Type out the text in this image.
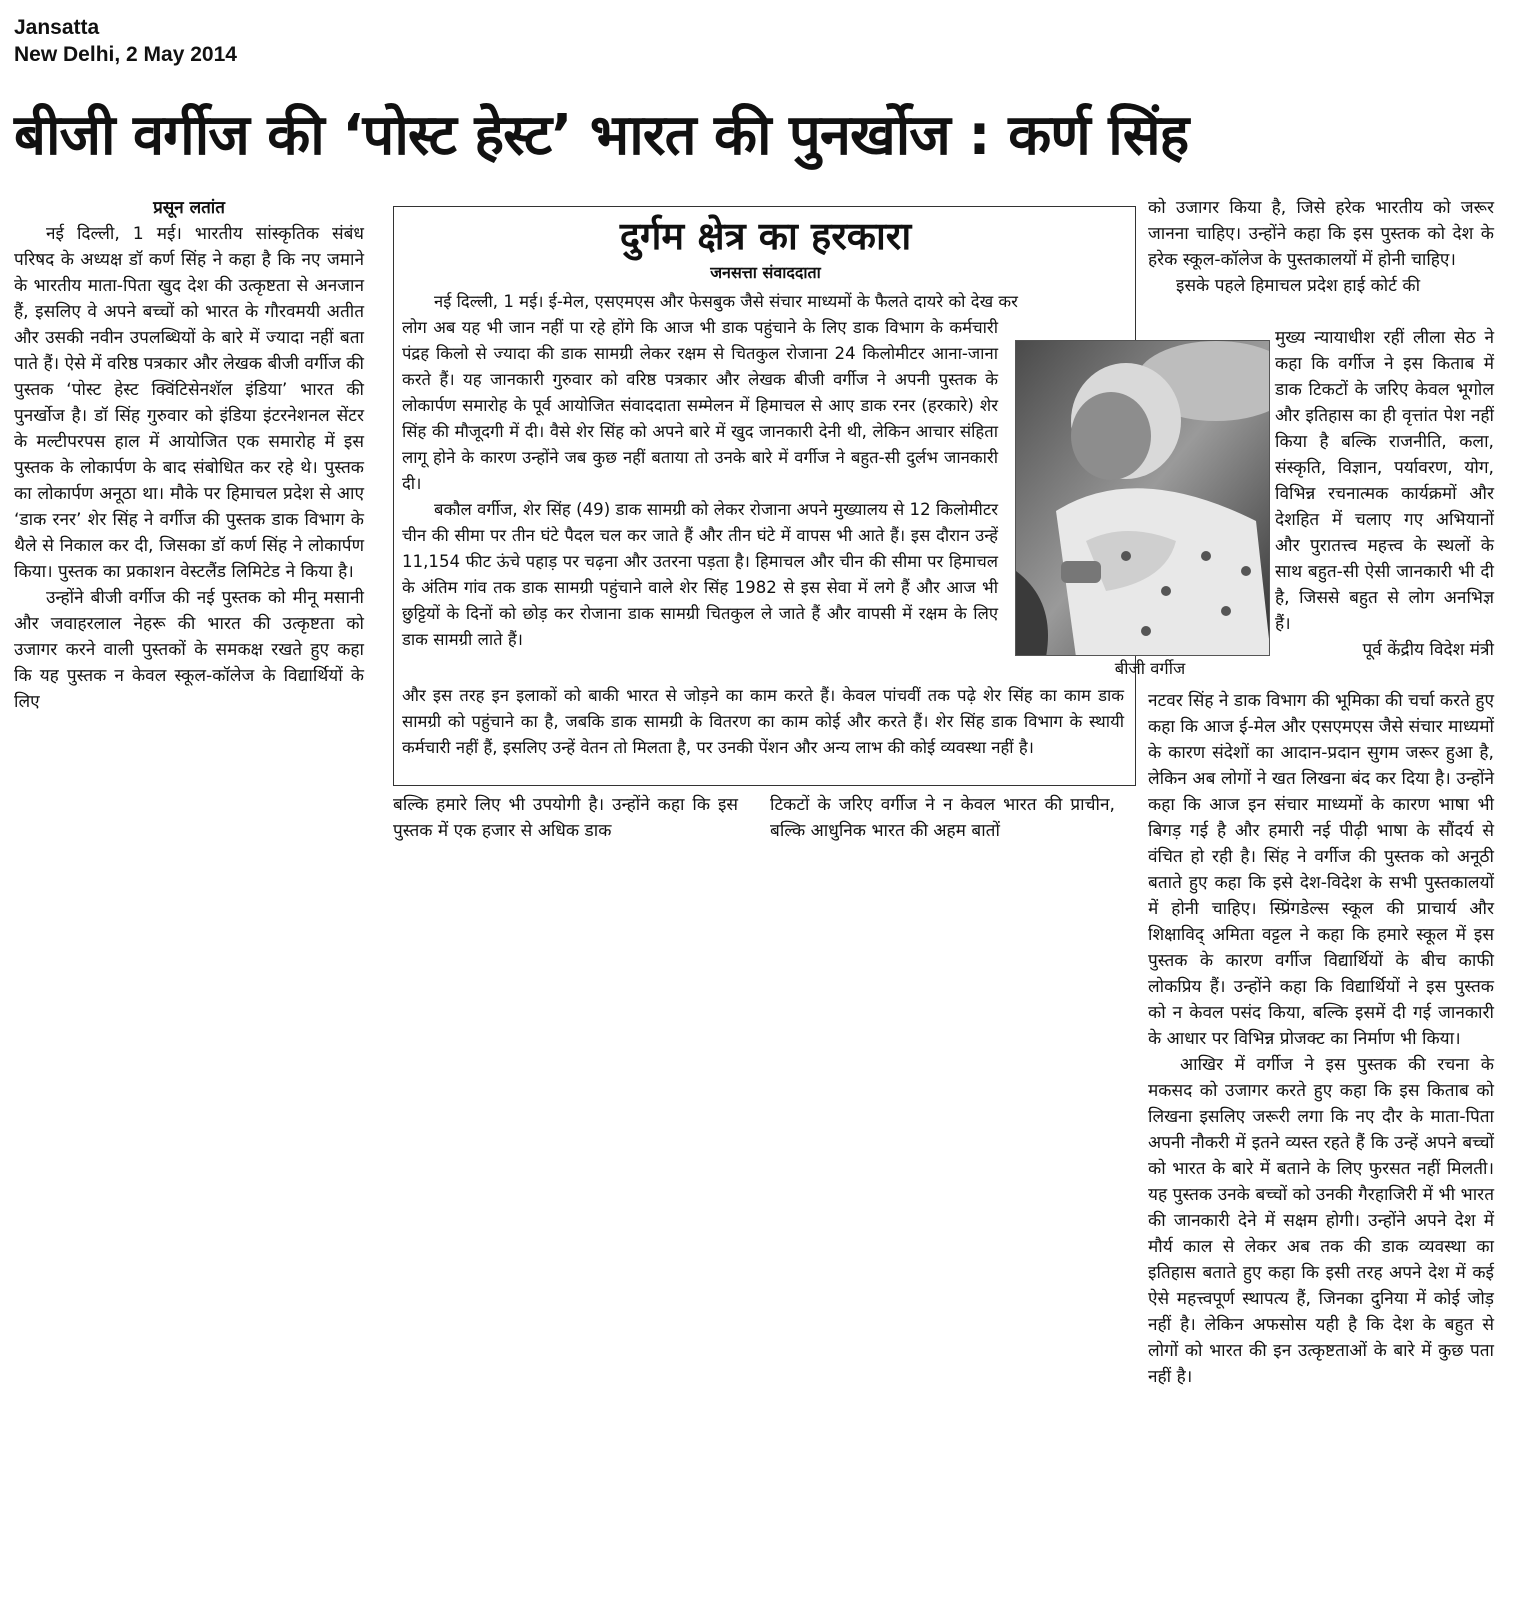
Jansatta
New Delhi, 2 May 2014
बीजी वर्गीज की ‘पोस्ट हेस्ट’ भारत की पुनर्खोज : कर्ण सिंह
प्रसून लतांत

नई दिल्ली, 1 मई। भारतीय सांस्कृतिक संबंध परिषद के अध्यक्ष डॉ कर्ण सिंह ने कहा है कि नए जमाने के भारतीय माता-पिता खुद देश की उत्कृष्टता से अनजान हैं, इसलिए वे अपने बच्चों को भारत के गौरवमयी अतीत और उसकी नवीन उपलब्धियों के बारे में ज्यादा नहीं बता पाते हैं। ऐसे में वरिष्ठ पत्रकार और लेखक बीजी वर्गीज की पुस्तक ‘पोस्ट हेस्ट क्विंटिसेनशॅल इंडिया’ भारत की पुनर्खोज है। डॉ सिंह गुरुवार को इंडिया इंटरनेशनल सेंटर के मल्टीपरपस हाल में आयोजित एक समारोह में इस पुस्तक के लोकार्पण के बाद संबोधित कर रहे थे। पुस्तक का लोकार्पण अनूठा था। मौके पर हिमाचल प्रदेश से आए ‘डाक रनर’ शेर सिंह ने वर्गीज की पुस्तक डाक विभाग के थैले से निकाल कर दी, जिसका डॉ कर्ण सिंह ने लोकार्पण किया। पुस्तक का प्रकाशन वेस्टलैंड लिमिटेड ने किया है।

उन्होंने बीजी वर्गीज की नई पुस्तक को मीनू मसानी और जवाहरलाल नेहरू की भारत की उत्कृष्टता को उजागर करने वाली पुस्तकों के समकक्ष रखते हुए कहा कि यह पुस्तक न केवल स्कूल-कॉलेज के विद्यार्थियों के लिए

दुर्गम क्षेत्र का हरकारा
जनसत्ता संवाददाता

नई दिल्ली, 1 मई। ई-मेल, एसएमएस और फेसबुक जैसे संचार माध्यमों के फैलते दायरे को देख कर

लोग अब यह भी जान नहीं पा रहे होंगे कि आज भी डाक पहुंचाने के लिए डाक विभाग के कर्मचारी पंद्रह किलो से ज्यादा की डाक सामग्री लेकर रक्षम से चितकुल रोजाना 24 किलोमीटर आना-जाना करते हैं। यह जानकारी गुरुवार को वरिष्ठ पत्रकार और लेखक बीजी वर्गीज ने अपनी पुस्तक के लोकार्पण समारोह के पूर्व आयोजित संवाददाता सम्मेलन में हिमाचल से आए डाक रनर (हरकारे) शेर सिंह की मौजूदगी में दी। वैसे शेर सिंह को अपने बारे में खुद जानकारी देनी थी, लेकिन आचार संहिता लागू होने के कारण उन्होंने जब कुछ नहीं बताया तो उनके बारे में वर्गीज ने बहुत-सी दुर्लभ जानकारी दी।

बकौल वर्गीज, शेर सिंह (49) डाक सामग्री को लेकर रोजाना अपने मुख्यालय से 12 किलोमीटर चीन की सीमा पर तीन घंटे पैदल चल कर जाते हैं और तीन घंटे में वापस भी आते हैं। इस दौरान उन्हें 11,154 फीट ऊंचे पहाड़ पर चढ़ना और उतरना पड़ता है। हिमाचल और चीन की सीमा पर हिमाचल के अंतिम गांव तक डाक सामग्री पहुंचाने वाले शेर सिंह 1982 से इस सेवा में लगे हैं और आज भी छुट्टियों के दिनों को छोड़ कर रोजाना डाक सामग्री चितकुल ले जाते हैं और वापसी में रक्षम के लिए डाक सामग्री लाते हैं।

और इस तरह इन इलाकों को बाकी भारत से जोड़ने का काम करते हैं। केवल पांचवीं तक पढ़े शेर सिंह का काम डाक सामग्री को पहुंचाने का है, जबकि डाक सामग्री के वितरण का काम कोई और करते हैं। शेर सिंह डाक विभाग के स्थायी कर्मचारी नहीं हैं, इसलिए उन्हें वेतन तो मिलता है, पर उनकी पेंशन और अन्य लाभ की कोई व्यवस्था नहीं है।

बीजी वर्गीज

बल्कि हमारे लिए भी उपयोगी है। उन्होंने कहा कि इस पुस्तक में एक हजार से अधिक डाक

टिकटों के जरिए वर्गीज ने न केवल भारत की प्राचीन, बल्कि आधुनिक भारत की अहम बातों

को उजागर किया है, जिसे हरेक भारतीय को जरूर जानना चाहिए। उन्होंने कहा कि इस पुस्तक को देश के हरेक स्कूल-कॉलेज के पुस्तकालयों में होनी चाहिए।

इसके पहले हिमाचल प्रदेश हाई कोर्ट की

मुख्य न्यायाधीश रहीं लीला सेठ ने कहा कि वर्गीज ने इस किताब में डाक टिकटों के जरिए केवल भूगोल और इतिहास का ही वृत्तांत पेश नहीं किया है बल्कि राजनीति, कला, संस्कृति, विज्ञान, पर्यावरण, योग, विभिन्न रचनात्मक कार्यक्रमों और देशहित में चलाए गए अभियानों और पुरातत्त्व महत्त्व के स्थलों के साथ बहुत-सी ऐसी जानकारी भी दी है, जिससे बहुत से लोग अनभिज्ञ हैं।

पूर्व केंद्रीय विदेश मंत्री

नटवर सिंह ने डाक विभाग की भूमिका की चर्चा करते हुए कहा कि आज ई-मेल और एसएमएस जैसे संचार माध्यमों के कारण संदेशों का आदान-प्रदान सुगम जरूर हुआ है, लेकिन अब लोगों ने खत लिखना बंद कर दिया है। उन्होंने कहा कि आज इन संचार माध्यमों के कारण भाषा भी बिगड़ गई है और हमारी नई पीढ़ी भाषा के सौंदर्य से वंचित हो रही है। सिंह ने वर्गीज की पुस्तक को अनूठी बताते हुए कहा कि इसे देश-विदेश के सभी पुस्तकालयों में होनी चाहिए। स्प्रिंगडेल्स स्कूल की प्राचार्य और शिक्षाविद् अमिता वट्टल ने कहा कि हमारे स्कूल में इस पुस्तक के कारण वर्गीज विद्यार्थियों के बीच काफी लोकप्रिय हैं। उन्होंने कहा कि विद्यार्थियों ने इस पुस्तक को न केवल पसंद किया, बल्कि इसमें दी गई जानकारी के आधार पर विभिन्न प्रोजक्ट का निर्माण भी किया।

आखिर में वर्गीज ने इस पुस्तक की रचना के मकसद को उजागर करते हुए कहा कि इस किताब को लिखना इसलिए जरूरी लगा कि नए दौर के माता-पिता अपनी नौकरी में इतने व्यस्त रहते हैं कि उन्हें अपने बच्चों को भारत के बारे में बताने के लिए फुरसत नहीं मिलती। यह पुस्तक उनके बच्चों को उनकी गैरहाजिरी में भी भारत की जानकारी देने में सक्षम होगी। उन्होंने अपने देश में मौर्य काल से लेकर अब तक की डाक व्यवस्था का इतिहास बताते हुए कहा कि इसी तरह अपने देश में कई ऐसे महत्त्वपूर्ण स्थापत्य हैं, जिनका दुनिया में कोई जोड़ नहीं है। लेकिन अफसोस यही है कि देश के बहुत से लोगों को भारत की इन उत्कृष्टताओं के बारे में कुछ पता नहीं है।
